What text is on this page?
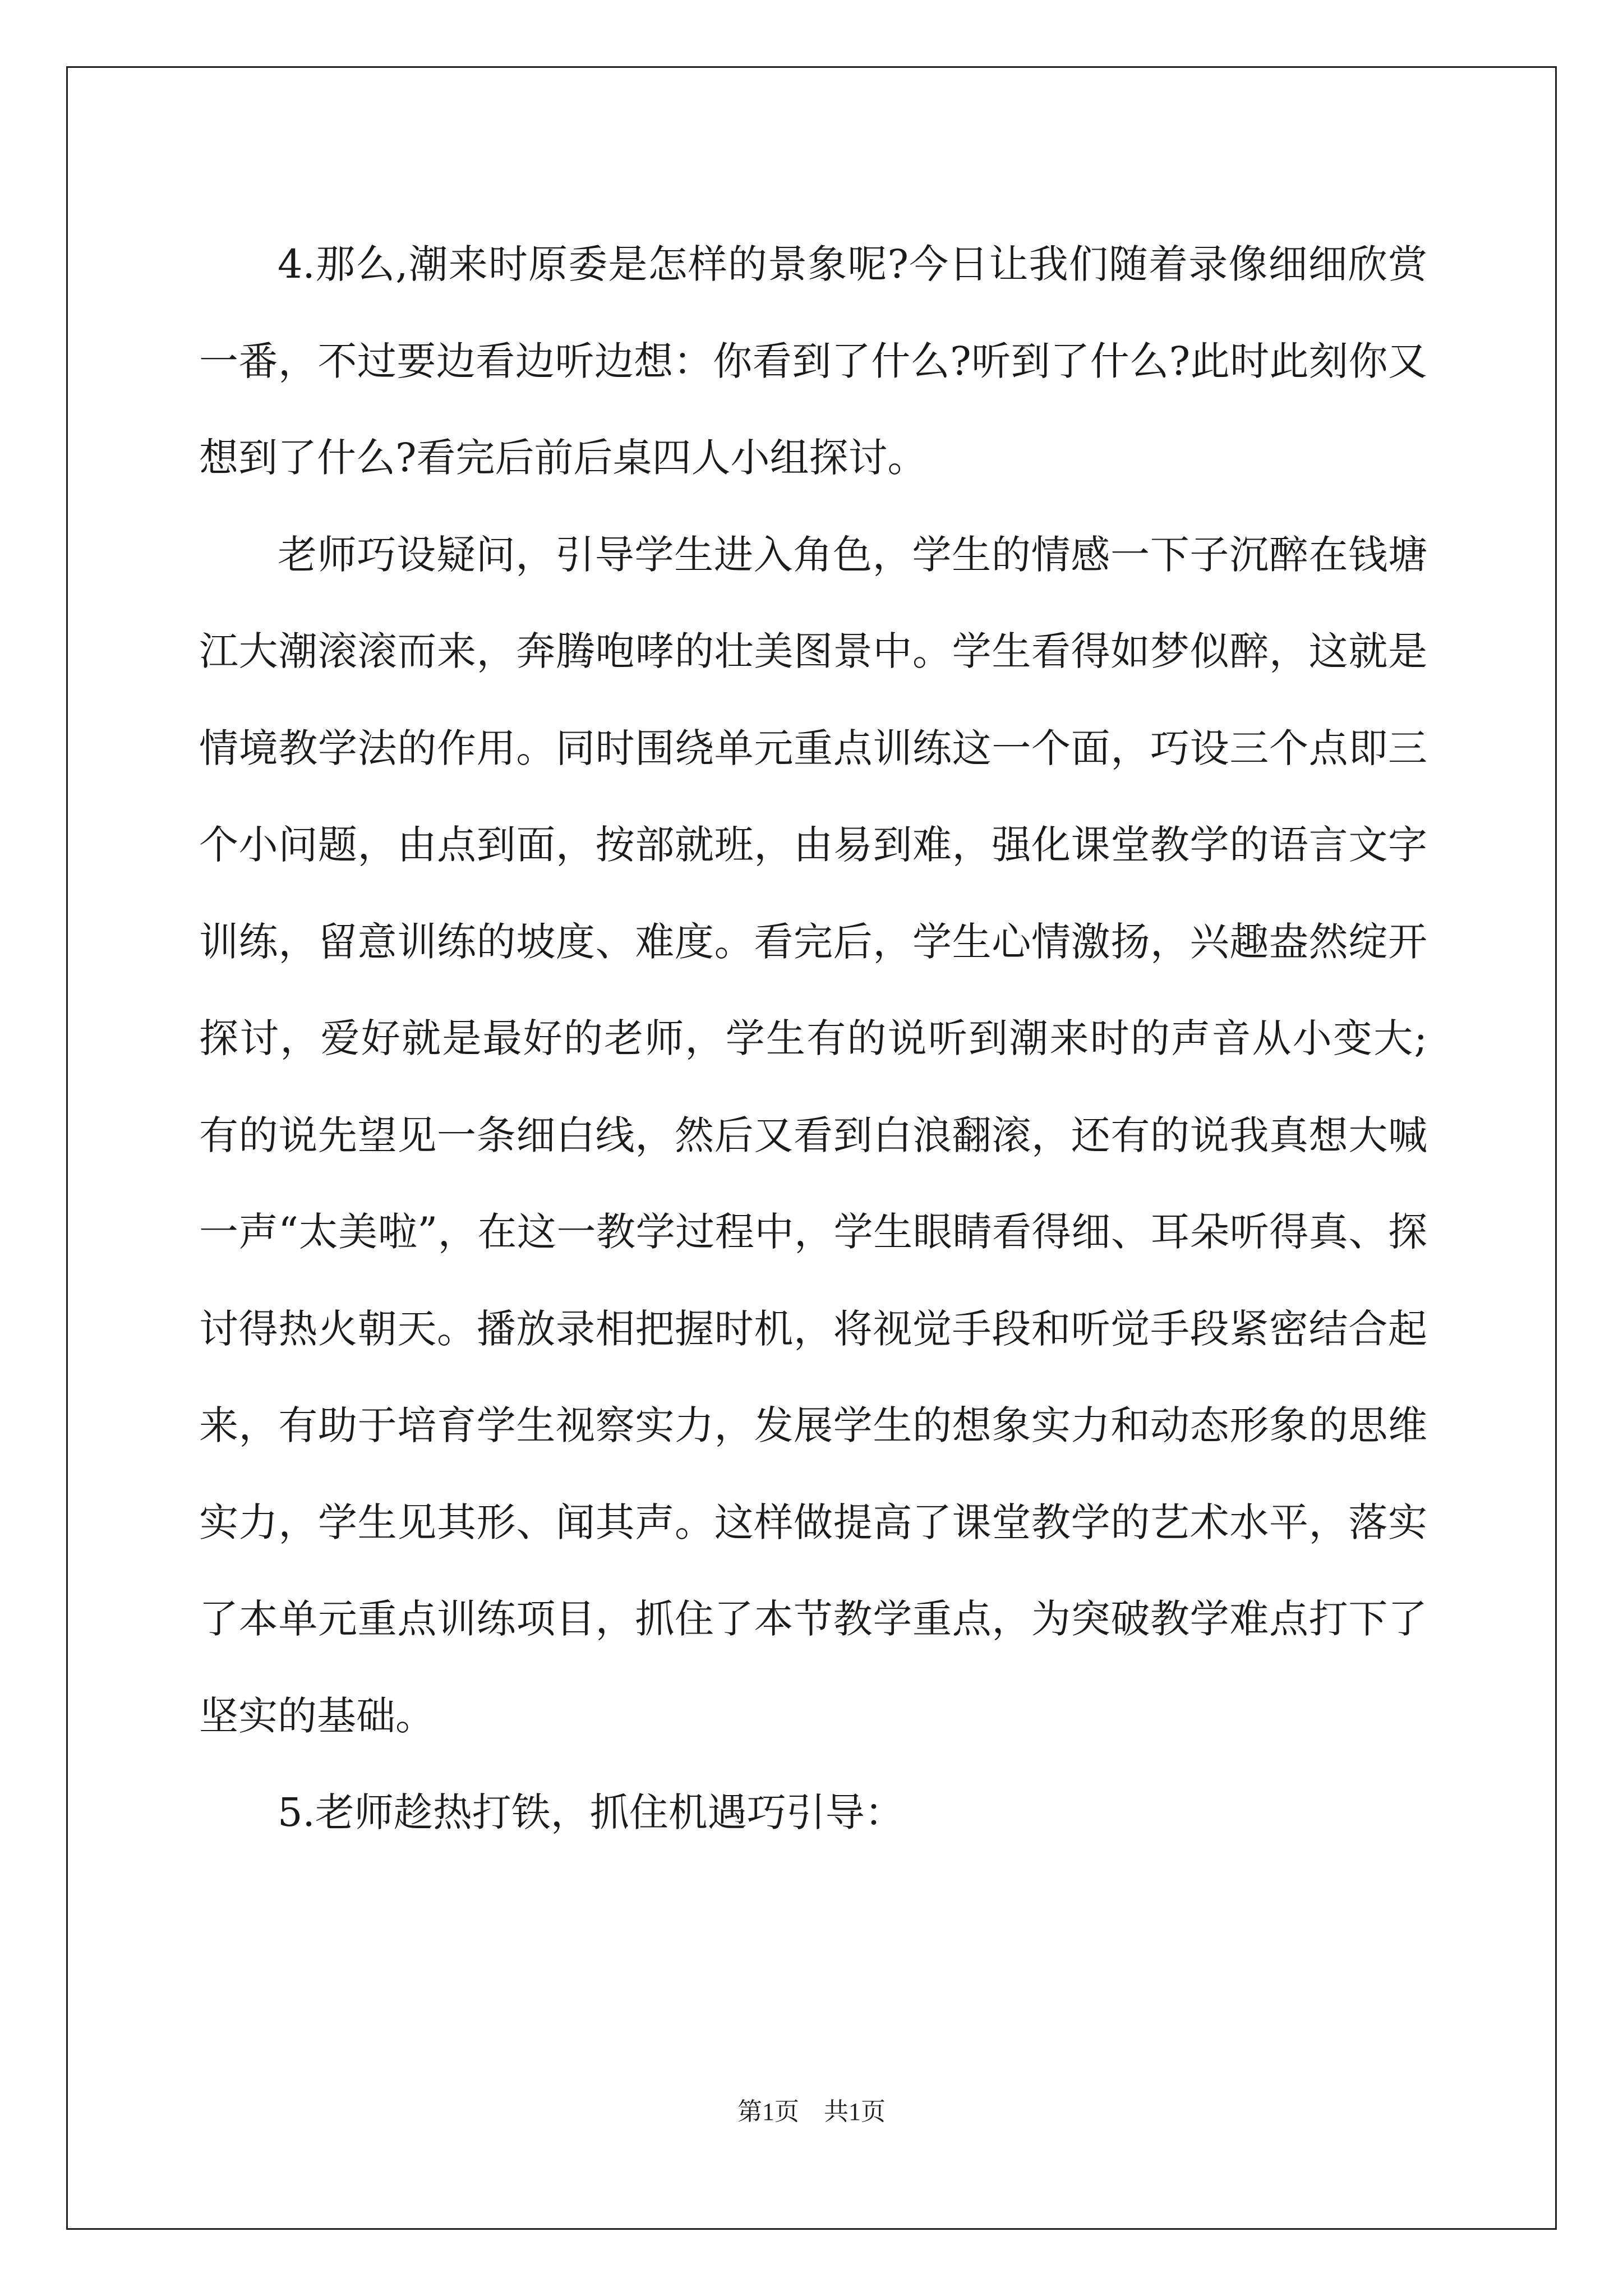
4.那么,潮来时原委是怎样的景象呢?今日让我们随着录像细细欣赏一番，不过要边看边听边想：你看到了什么?听到了什么?此时此刻你又想到了什么?看完后前后桌四人小组探讨。

老师巧设疑问，引导学生进入角色，学生的情感一下子沉醉在钱塘江大潮滚滚而来，奔腾咆哮的壮美图景中。学生看得如梦似醉，这就是情境教学法的作用。同时围绕单元重点训练这一个面，巧设三个点即三个小问题，由点到面，按部就班，由易到难，强化课堂教学的语言文字训练，留意训练的坡度、难度。看完后，学生心情激扬，兴趣盎然绽开探讨，爱好就是最好的老师，学生有的说听到潮来时的声音从小变大;有的说先望见一条细白线，然后又看到白浪翻滚，还有的说我真想大喊一声“太美啦”，在这一教学过程中，学生眼睛看得细、耳朵听得真、探讨得热火朝天。播放录相把握时机，将视觉手段和听觉手段紧密结合起来，有助于培育学生视察实力，发展学生的想象实力和动态形象的思维实力，学生见其形、闻其声。这样做提高了课堂教学的艺术水平，落实了本单元重点训练项目，抓住了本节教学重点，为突破教学难点打下了坚实的基础。

5.老师趁热打铁，抓住机遇巧引导：

第1页 共1页
